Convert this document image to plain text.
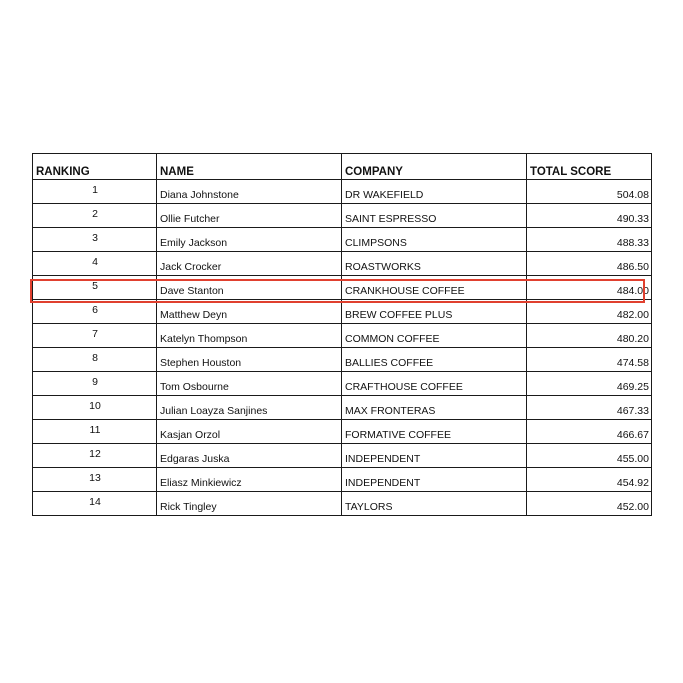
RANKING	NAME	COMPANY	TOTAL SCORE
1	Diana Johnstone	DR WAKEFIELD	504.08
2	Ollie Futcher	SAINT ESPRESSO	490.33
3	Emily Jackson	CLIMPSONS	488.33
4	Jack Crocker	ROASTWORKS	486.50
5	Dave Stanton	CRANKHOUSE COFFEE	484.00
6	Matthew Deyn	BREW COFFEE PLUS	482.00
7	Katelyn Thompson	COMMON COFFEE	480.20
8	Stephen Houston	BALLIES COFFEE	474.58
9	Tom Osbourne	CRAFTHOUSE COFFEE	469.25
10	Julian Loayza Sanjines	MAX FRONTERAS	467.33
11	Kasjan Orzol	FORMATIVE COFFEE	466.67
12	Edgaras Juska	INDEPENDENT	455.00
13	Eliasz Minkiewicz	INDEPENDENT	454.92
14	Rick Tingley	TAYLORS	452.00
